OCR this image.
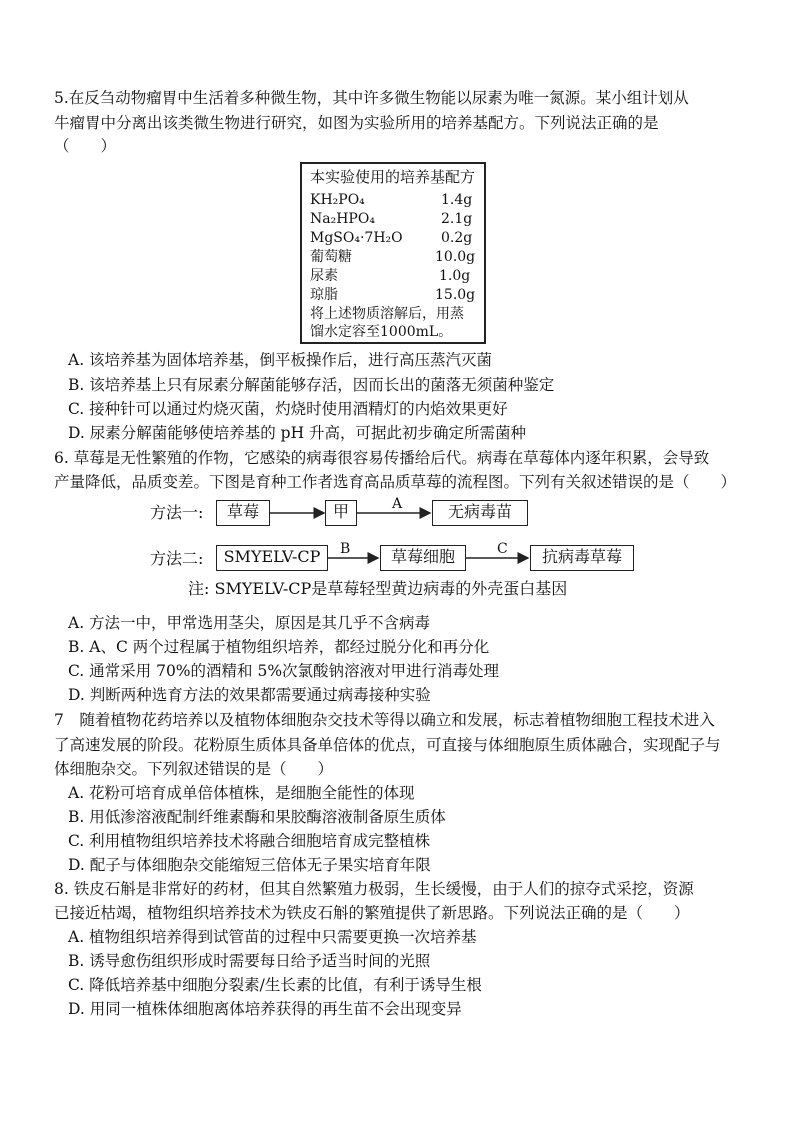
5.在反刍动物瘤胃中生活着多种微生物，其中许多微生物能以尿素为唯一氮源。某小组计划从
牛瘤胃中分离出该类微生物进行研究，如图为实验所用的培养基配方。下列说法正确的是
（　　）
本实验使用的培养基配方
KH₂PO₄	1.4g
Na₂HPO₄	2.1g
MgSO₄·7H₂O	0.2g
葡萄糖	10.0g
尿素	1.0g
琼脂	15.0g
将上述物质溶解后，用蒸
馏水定容至1000mL。
A. 该培养基为固体培养基，倒平板操作后，进行高压蒸汽灭菌
B. 该培养基上只有尿素分解菌能够存活，因而长出的菌落无须菌种鉴定
C. 接种针可以通过灼烧灭菌，灼烧时使用酒精灯的内焰效果更好
D. 尿素分解菌能够使培养基的 pH 升高，可据此初步确定所需菌种
6. 草莓是无性繁殖的作物，它感染的病毒很容易传播给后代。病毒在草莓体内逐年积累，会导致
产量降低，品质变差。下图是育种工作者选育高品质草莓的流程图。下列有关叙述错误的是（　　）
方法一:	草莓	甲	A	无病毒苗
方法二:	SMYELV-CP	B	草莓细胞	C	抗病毒草莓
注: SMYELV-CP是草莓轻型黄边病毒的外壳蛋白基因
A. 方法一中，甲常选用茎尖，原因是其几乎不含病毒
B. A、C 两个过程属于植物组织培养，都经过脱分化和再分化
C. 通常采用 70%的酒精和 5%次氯酸钠溶液对甲进行消毒处理
D. 判断两种选育方法的效果都需要通过病毒接种实验
7　随着植物花药培养以及植物体细胞杂交技术等得以确立和发展，标志着植物细胞工程技术进入
了高速发展的阶段。花粉原生质体具备单倍体的优点，可直接与体细胞原生质体融合，实现配子与
体细胞杂交。下列叙述错误的是（　　）
A. 花粉可培育成单倍体植株，是细胞全能性的体现
B. 用低渗溶液配制纤维素酶和果胶酶溶液制备原生质体
C. 利用植物组织培养技术将融合细胞培育成完整植株
D. 配子与体细胞杂交能缩短三倍体无子果实培育年限
8. 铁皮石斛是非常好的药材，但其自然繁殖力极弱，生长缓慢，由于人们的掠夺式采挖，资源
已接近枯竭，植物组织培养技术为铁皮石斛的繁殖提供了新思路。下列说法正确的是（　　）
A. 植物组织培养得到试管苗的过程中只需要更换一次培养基
B. 诱导愈伤组织形成时需要每日给予适当时间的光照
C. 降低培养基中细胞分裂素/生长素的比值，有利于诱导生根
D. 用同一植株体细胞离体培养获得的再生苗不会出现变异
